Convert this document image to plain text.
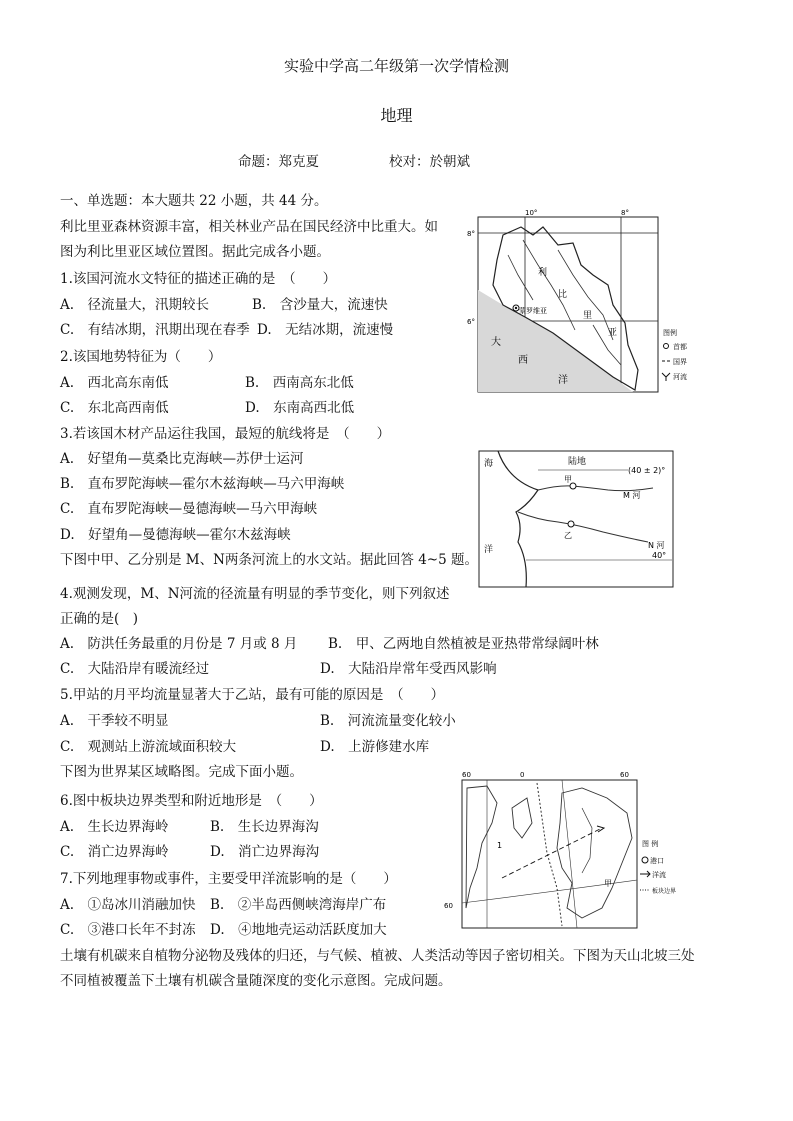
实验中学高二年级第一次学情检测
地理
命题：郑克夏	校对：於朝斌
一、单选题：本大题共 22 小题，共 44 分。
利比里亚森林资源丰富，相关林业产品在国民经济中比重大。如
图为利比里亚区域位置图。据此完成各小题。
1.该国河流水文特征的描述正确的是　（　　）
A.　径流量大，汛期较长	B.　含沙量大，流速快
C.　有结冰期，汛期出现在春季 D.　无结冰期，流速慢
2.该国地势特征为（　　）
A.　西北高东南低	B.　西南高东北低
C.　东北高西南低	D.　东南高西北低
3.若该国木材产品运往我国，最短的航线将是　（　　）
A.　好望角—莫桑比克海峡—苏伊士运河
B.　直布罗陀海峡—霍尔木兹海峡—马六甲海峡
C.　直布罗陀海峡—曼德海峡—马六甲海峡
D.　好望角—曼德海峡—霍尔木兹海峡
下图中甲、乙分别是 M、N两条河流上的水文站。据此回答 4~5 题。
4.观测发现，M、N河流的径流量有明显的季节变化，则下列叙述
正确的是(　)
A.　防洪任务最重的月份是 7 月或 8 月 B.　甲、乙两地自然植被是亚热带常绿阔叶林
C.　大陆沿岸有暖流经过	D.　大陆沿岸常年受西风影响
5.甲站的月平均流量显著大于乙站，最有可能的原因是　（　　）
A.　干季较不明显	B.　河流流量变化较小
C.　观测站上游流域面积较大	D.　上游修建水库
下图为世界某区域略图。完成下面小题。
6.图中板块边界类型和附近地形是　（　　）
A.　生长边界海岭	B.　生长边界海沟
C.　消亡边界海岭	D.　消亡边界海沟
7.下列地理事物或事件，主要受甲洋流影响的是（　　）
A.　①岛冰川消融加快 B.　②半岛西侧峡湾海岸广布
C.　③港口长年不封冻 D.　④地地壳运动活跃度加大
土壤有机碳来自植物分泌物及残体的归还，与气候、植被、人类活动等因子密切相关。下图为天山北坡三处
不同植被覆盖下土壤有机碳含量随深度的变化示意图。完成问题。
10°	8°
8°
6°
利
比
里
亚
蒙罗维亚
大
西
洋
图例
首都
国界
河流
海	陆地
(40 ± 2)°
40°
甲
乙
M 河
N 河
洋
60	0	60
60
甲
1	图 例
港口
洋流
板块边界
